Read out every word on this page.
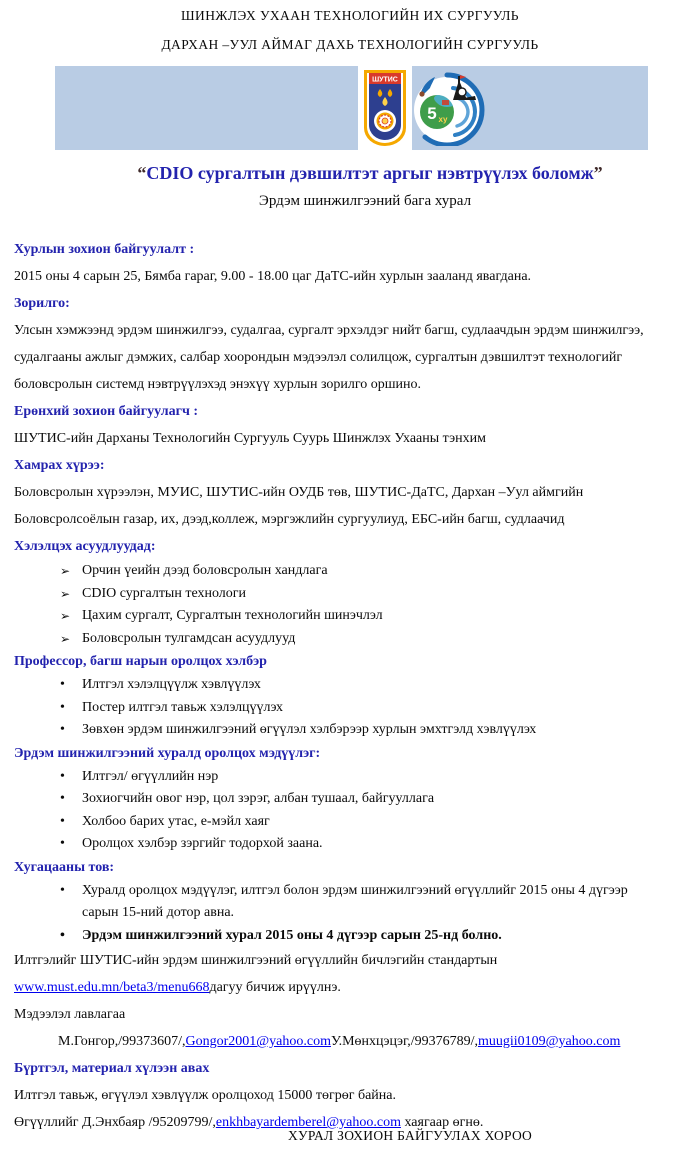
ШИНЖЛЭХ УХААН ТЕХНОЛОГИЙН ИХ СУРГУУЛЬ
ДАРХАН –УУЛ АЙМАГ ДАХЬ ТЕХНОЛОГИЙН СУРГУУЛЬ
ШУТИС
5 ху
“CDIO сургалтын дэвшилтэт аргыг нэвтрүүлэх боломж”
Эрдэм шинжилгээний бага хурал

Хурлын зохион байгуулалт :

2015 оны 4 сарын 25, Бямба гараг, 9.00 - 18.00 цаг ДаТС-ийн хурлын зааланд явагдана.

Зорилго:

Улсын хэмжээнд эрдэм шинжилгээ, судалгаа, сургалт эрхэлдэг нийт багш, судлаачдын эрдэм шинжилгээ, судалгааны ажлыг дэмжих, салбар хоорондын мэдээлэл солилцож, сургалтын дэвшилтэт технологийг боловсролын системд нэвтрүүлэхэд энэхүү хурлын зорилго оршино.

Ерөнхий зохион байгуулагч :

ШУТИС-ийн Дарханы Технологийн Сургууль Суурь Шинжлэх Ухааны тэнхим

Хамрах хүрээ:

Боловсролын хүрээлэн, МУИС, ШУТИС-ийн ОУДБ төв, ШУТИС-ДаТС, Дархан –Уул аймгийн Боловсролсоёлын газар, их, дээд,коллеж, мэргэжлийн сургуулиуд, ЕБС-ийн багш, судлаачид

Хэлэлцэх асуудлуудад:

➢ Орчин үеийн дээд боловсролын хандлага
➢ CDIO сургалтын технологи
➢ Цахим сургалт, Сургалтын технологийн шинэчлэл
➢ Боловсролын тулгамдсан асуудлууд

Профессор, багш нарын оролцох хэлбэр

• Илтгэл хэлэлцүүлж хэвлүүлэх
• Постер илтгэл тавьж хэлэлцүүлэх
• Зөвхөн эрдэм шинжилгээний өгүүлэл хэлбэрээр хурлын эмхтгэлд хэвлүүлэх

Эрдэм шинжилгээний хуралд оролцох мэдүүлэг:

• Илтгэл/ өгүүллийн нэр
• Зохиогчийн овог нэр, цол зэрэг, албан тушаал, байгууллага
• Холбоо барих утас, е-мэйл хаяг
• Оролцох хэлбэр зэргийг тодорхой заана.

Хугацааны тов:

• Хуралд оролцох мэдүүлэг, илтгэл болон эрдэм шинжилгээний өгүүллийг 2015 оны 4 дүгээр сарын 15-ний дотор авна.
• Эрдэм шинжилгээний хурал 2015 оны 4 дүгээр сарын 25-нд болно.

Илтгэлийг ШУТИС-ийн эрдэм шинжилгээний өгүүллийн бичлэгийн стандартын

www.must.edu.mn/beta3/menu668дагуу бичиж ирүүлнэ.

Мэдээлэл лавлагаа

М.Гонгор,/99373607/,Gongor2001@yahoo.comУ.Мөнхцэцэг,/99376789/,muugii0109@yahoo.com

Бүртгэл, материал хүлээн авах

Илтгэл тавьж, өгүүлэл хэвлүүлж оролцоход 15000 төгрөг байна.

Өгүүллийг Д.Энхбаяр /95209799/,enkhbayardemberel@yahoo.com хаягаар өгнө.

ХУРАЛ ЗОХИОН БАЙГУУЛАХ ХОРОО
